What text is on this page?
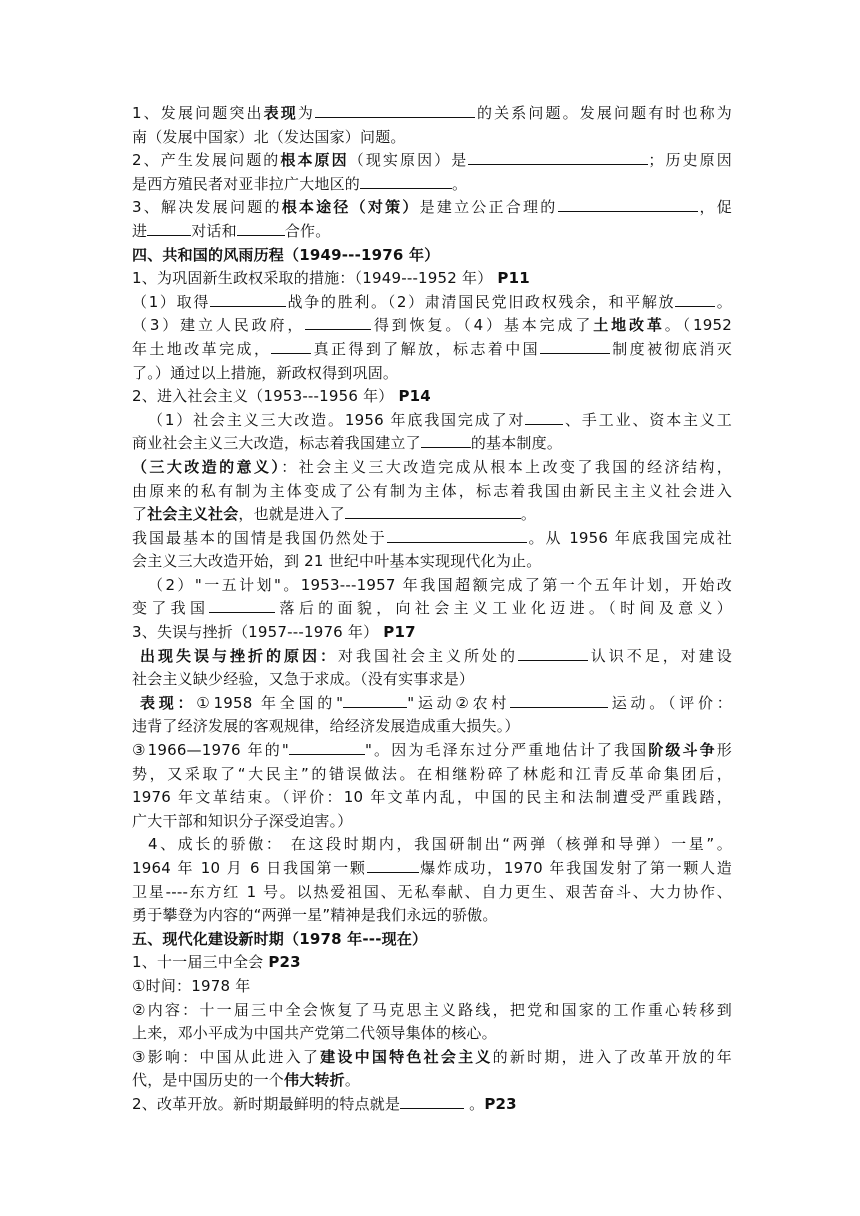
1、发展问题突出表现为	的关系问题。发展问题有时也称为
南（发展中国家）北（发达国家）问题。
2、产生发展问题的根本原因（现实原因）是	；历史原因
是西方殖民者对亚非拉广大地区的	。
3、解决发展问题的根本途径（对策）是建立公正合理的	，促
进	对话和	合作。
四、共和国的风雨历程（1949---1976 年）
1、为巩固新生政权采取的措施：（1949---1952 年） P11
（1）取得	战争的胜利。（2）肃清国民党旧政权残余，和平解放	。
（3）建立人民政府，	得到恢复。（4）基本完成了土地改革。（1952
年土地改革完成，	真正得到了解放，标志着中国	制度被彻底消灭
了。）通过以上措施，新政权得到巩固。
2、进入社会主义（1953---1956 年） P14
（1）社会主义三大改造。1956 年底我国完成了对	、手工业、资本主义工
商业社会主义三大改造，标志着我国建立了	的基本制度。
（三大改造的意义）：社会主义三大改造完成从根本上改变了我国的经济结构，
由原来的私有制为主体变成了公有制为主体，标志着我国由新民主主义社会进入
了社会主义社会，也就是进入了	。
我国最基本的国情是我国仍然处于	。从 1956 年底我国完成社
会主义三大改造开始，到 21 世纪中叶基本实现现代化为止。
（2）"一五计划"。1953---1957 年我国超额完成了第一个五年计划，开始改
变了我国	落后的面貌，向社会主义工业化迈进。（时间及意义）
3、失误与挫折（1957---1976 年） P17
出现失误与挫折的原因：对我国社会主义所处的	认识不足，对建设
社会主义缺少经验，又急于求成。（没有实事求是）
表现：①1958 年全国的"	"运动②农村	运动。（评价：
违背了经济发展的客观规律，给经济发展造成重大损失。）
③1966—1976 年的"	"。因为毛泽东过分严重地估计了我国阶级斗争形
势，又采取了“大民主”的错误做法。在相继粉碎了林彪和江青反革命集团后，
1976 年文革结束。（评价：10 年文革内乱，中国的民主和法制遭受严重践踏，
广大干部和知识分子深受迫害。）
4、成长的骄傲： 在这段时期内，我国研制出“两弹（核弹和导弹）一星”。
1964 年 10 月 6 日我国第一颗	爆炸成功，1970 年我国发射了第一颗人造
卫星----东方红 1 号。以热爱祖国、无私奉献、自力更生、艰苦奋斗、大力协作、
勇于攀登为内容的“两弹一星”精神是我们永远的骄傲。
五、现代化建设新时期（1978 年---现在）
1、十一届三中全会 P23
①时间：1978 年
②内容：十一届三中全会恢复了马克思主义路线，把党和国家的工作重心转移到
上来，邓小平成为中国共产党第二代领导集体的核心。
③影响：中国从此进入了建设中国特色社会主义的新时期，进入了改革开放的年
代，是中国历史的一个伟大转折。
2、改革开放。新时期最鲜明的特点就是	。P23
